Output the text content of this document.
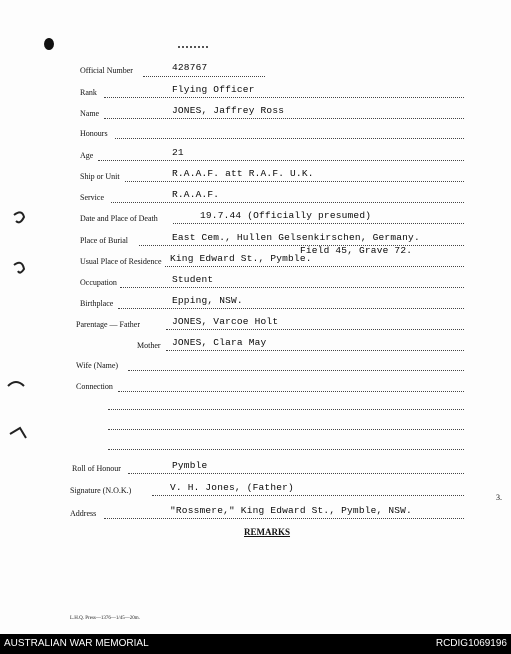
3.
Official Number	428767
Rank	Flying Officer
Name	JONES, Jaffrey Ross
Honours
Age	21
Ship or Unit	R.A.A.F. att R.A.F. U.K.
Service	R.A.A.F.
Date and Place of Death	19.7.44 (Officially presumed)
Place of Burial	East Cem., Hullen Gelsenkirschen, Germany.
Field 45, Grave 72.
Usual Place of Residence King Edward St., Pymble.
Occupation	Student
Birthplace	Epping, NSW.
Parentage — Father	JONES, Varcoe Holt
Mother JONES, Clara May
Wife (Name)
Connection
Roll of Honour	Pymble
Signature (N.O.K.)	V. H. Jones, (Father)
Address	"Rossmere," King Edward St., Pymble, NSW.
REMARKS
L.H.Q. Press—1376—1/45—20m.
AUSTRALIAN WAR MEMORIAL	RCDIG1069196
